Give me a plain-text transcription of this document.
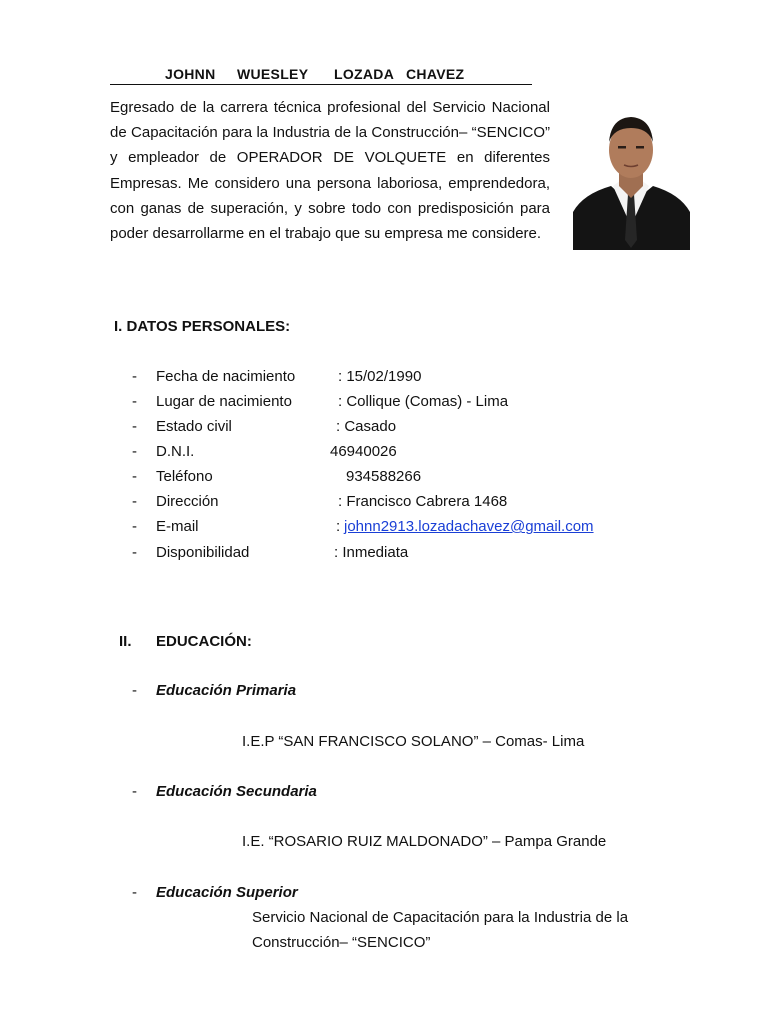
JOHNN WUESLEY LOZADA CHAVEZ
Egresado de la carrera técnica profesional del Servicio Nacional de Capacitación para la Industria de la Construcción– “SENCICO” y empleador de OPERADOR DE VOLQUETE en diferentes Empresas. Me considero una persona laboriosa, emprendedora, con ganas de superación, y sobre todo con predisposición para poder desarrollarme en el trabajo que su empresa me considere.
I. DATOS PERSONALES:
- Fecha de nacimiento	: 15/02/1990
- Lugar de nacimiento	: Collique (Comas) - Lima
- Estado civil	: Casado
- D.N.I.	46940026
- Teléfono	934588266
- Dirección	: Francisco Cabrera 1468
- E-mail	: johnn2913.lozadachavez@gmail.com
- Disponibilidad	: Inmediata
II. EDUCACIÓN:
- Educación Primaria
I.E.P “SAN FRANCISCO SOLANO” – Comas- Lima
- Educación Secundaria
I.E. “ROSARIO RUIZ MALDONADO” – Pampa Grande
- Educación Superior
Servicio Nacional de Capacitación para la Industria de la
Construcción– “SENCICO”
